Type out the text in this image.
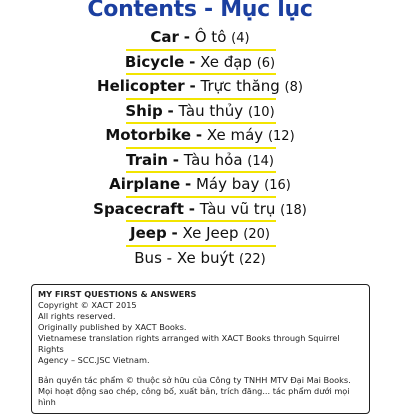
Contents - Mục lục
Car - Ô tô (4)
Bicycle - Xe đạp (6)
Helicopter - Trực thăng (8)
Ship - Tàu thủy (10)
Motorbike - Xe máy (12)
Train - Tàu hỏa (14)
Airplane - Máy bay (16)
Spacecraft - Tàu vũ trụ (18)
Jeep - Xe Jeep (20)
Bus - Xe buýt (22)

MY FIRST QUESTIONS & ANSWERS

Copyright © XACT 2015

All rights reserved.

Originally published by XACT Books.

Vietnamese translation rights arranged with XACT Books through Squirrel Rights

Agency – SCC.JSC Vietnam.

Bản quyền tác phẩm © thuộc sở hữu của Công ty TNHH MTV Đại Mai Books.

Mọi hoạt động sao chép, công bố, xuất bản, trích đăng... tác phẩm dưới mọi hình
